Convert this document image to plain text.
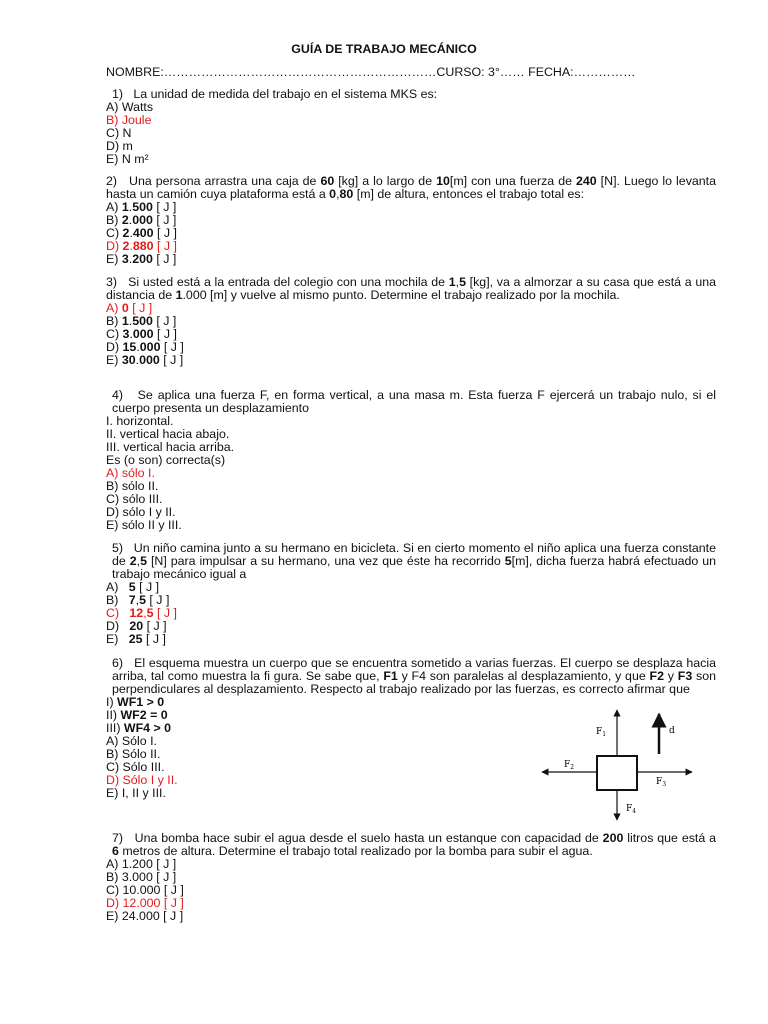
GUÍA DE TRABAJO MECÁNICO
NOMBRE:…………………………………………………………CURSO: 3°…… FECHA:……………
1) La unidad de medida del trabajo en el sistema MKS es:
A) Watts
B) Joule
C) N
D) m
E) N m²
2) Una persona arrastra una caja de 60 [kg] a lo largo de 10[m] con una fuerza de 240 [N]. Luego lo levanta hasta un camión cuya plataforma está a 0,80 [m] de altura, entonces el trabajo total es:
A) 1.500 [ J ]
B) 2.000 [ J ]
C) 2.400 [ J ]
D) 2.880 [ J ]
E) 3.200 [ J ]
3) Si usted está a la entrada del colegio con una mochila de 1,5 [kg], va a almorzar a su casa que está a una distancia de 1.000 [m] y vuelve al mismo punto. Determine el trabajo realizado por la mochila.
A) 0 [ J ]
B) 1.500 [ J ]
C) 3.000 [ J ]
D) 15.000 [ J ]
E) 30.000 [ J ]
4) Se aplica una fuerza F, en forma vertical, a una masa m. Esta fuerza F ejercerá un trabajo nulo, si el cuerpo presenta un desplazamiento
I. horizontal.
II. vertical hacia abajo.
III. vertical hacia arriba.
Es (o son) correcta(s)
A) sólo I.
B) sólo II.
C) sólo III.
D) sólo I y II.
E) sólo II y III.
5) Un niño camina junto a su hermano en bicicleta. Si en cierto momento el niño aplica una fuerza constante de 2,5 [N] para impulsar a su hermano, una vez que éste ha recorrido 5[m], dicha fuerza habrá efectuado un trabajo mecánico igual a
A)   5 [ J ]
B)   7,5 [ J ]
C)   12,5 [ J ]
D)   20 [ J ]
E)   25 [ J ]
6) El esquema muestra un cuerpo que se encuentra sometido a varias fuerzas. El cuerpo se desplaza hacia arriba, tal como muestra la fi gura. Se sabe que, F1 y F4 son paralelas al desplazamiento, y que F2 y F3 son perpendiculares al desplazamiento. Respecto al trabajo realizado por las fuerzas, es correcto afirmar que
I) WF1 > 0
II) WF2 = 0
III) WF4 > 0
A) Sólo I.
B) Sólo II.
C) Sólo III.
D) Sólo I y II.
E) I, II y III.
$F_1$
$F_2$
$F_3$
$F_4$
d
7) Una bomba hace subir el agua desde el suelo hasta un estanque con capacidad de 200 litros que está a 6 metros de altura. Determine el trabajo total realizado por la bomba para subir el agua.
A) 1.200 [ J ]
B) 3.000 [ J ]
C) 10.000 [ J ]
D) 12.000 [ J ]
E) 24.000 [ J ]
